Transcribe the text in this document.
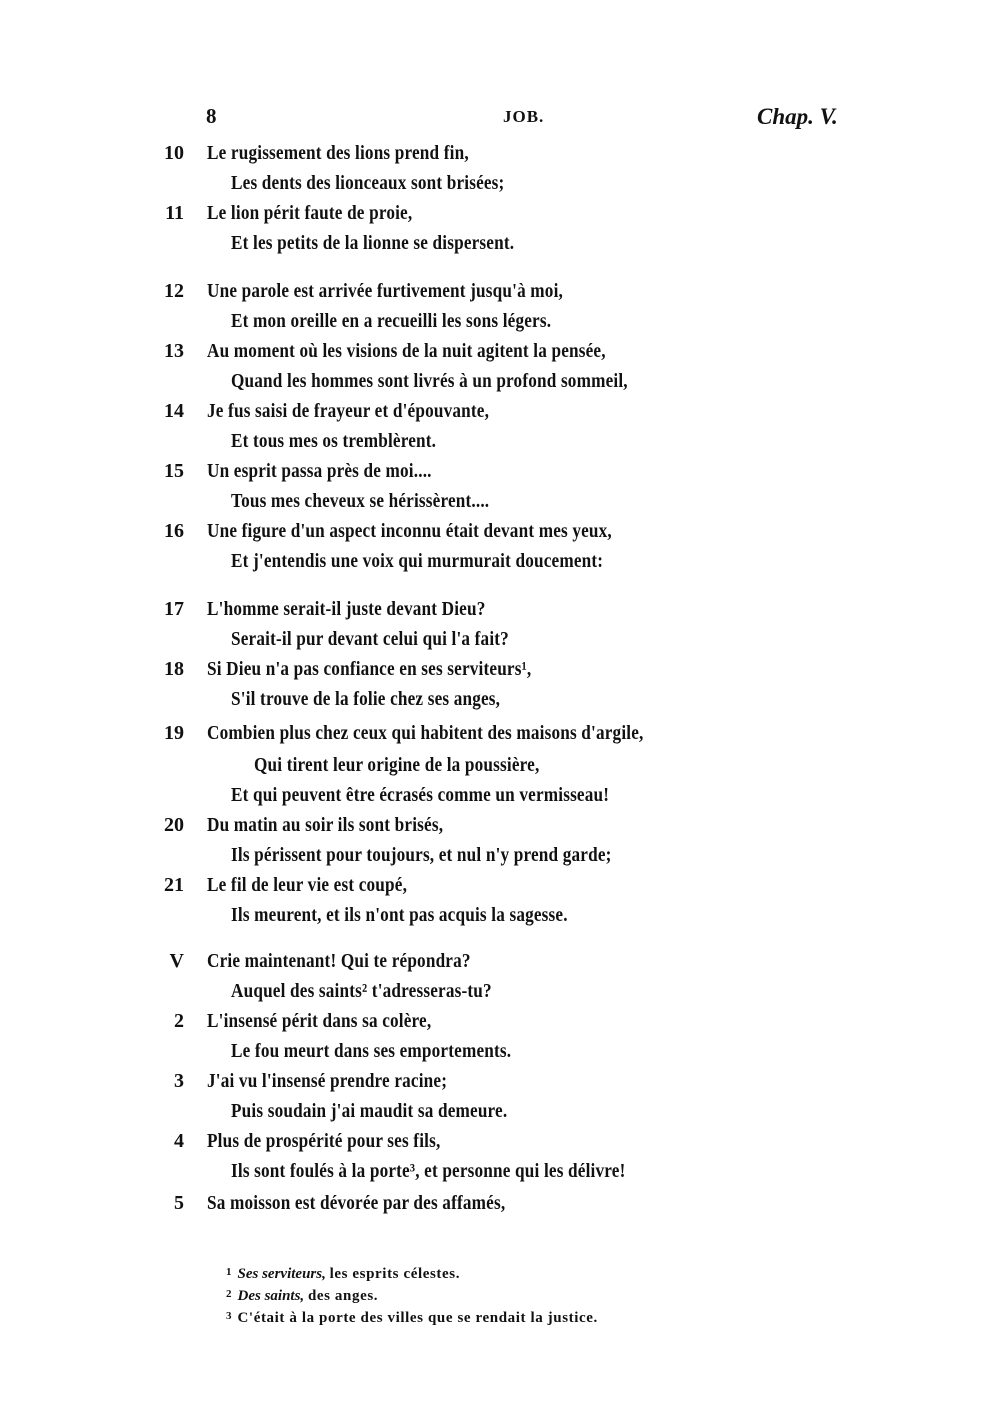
8	JOB.	Chap. V.
10 Le rugissement des lions prend fin,
Les dents des lionceaux sont brisées;
11 Le lion périt faute de proie,
Et les petits de la lionne se dispersent.
12 Une parole est arrivée furtivement jusqu'à moi,
Et mon oreille en a recueilli les sons légers.
13 Au moment où les visions de la nuit agitent la pensée,
Quand les hommes sont livrés à un profond sommeil,
14 Je fus saisi de frayeur et d'épouvante,
Et tous mes os tremblèrent.
15 Un esprit passa près de moi....
Tous mes cheveux se hérissèrent....
16 Une figure d'un aspect inconnu était devant mes yeux,
Et j'entendis une voix qui murmurait doucement:
17 L'homme serait-il juste devant Dieu?
Serait-il pur devant celui qui l'a fait?
18 Si Dieu n'a pas confiance en ses serviteurs¹,
S'il trouve de la folie chez ses anges,
19 Combien plus chez ceux qui habitent des maisons d'argile,
Qui tirent leur origine de la poussière,
Et qui peuvent être écrasés comme un vermisseau!
20 Du matin au soir ils sont brisés,
Ils périssent pour toujours, et nul n'y prend garde;
21 Le fil de leur vie est coupé,
Ils meurent, et ils n'ont pas acquis la sagesse.
V Crie maintenant! Qui te répondra?
Auquel des saints² t'adresseras-tu?
2 L'insensé périt dans sa colère,
Le fou meurt dans ses emportements.
3 J'ai vu l'insensé prendre racine;
Puis soudain j'ai maudit sa demeure.
4 Plus de prospérité pour ses fils,
Ils sont foulés à la porte³, et personne qui les délivre!
5 Sa moisson est dévorée par des affamés,
$^1$ Ses serviteurs, les esprits célestes.
$^2$ Des saints, des anges.
$^3$ C'était à la porte des villes que se rendait la justice.
